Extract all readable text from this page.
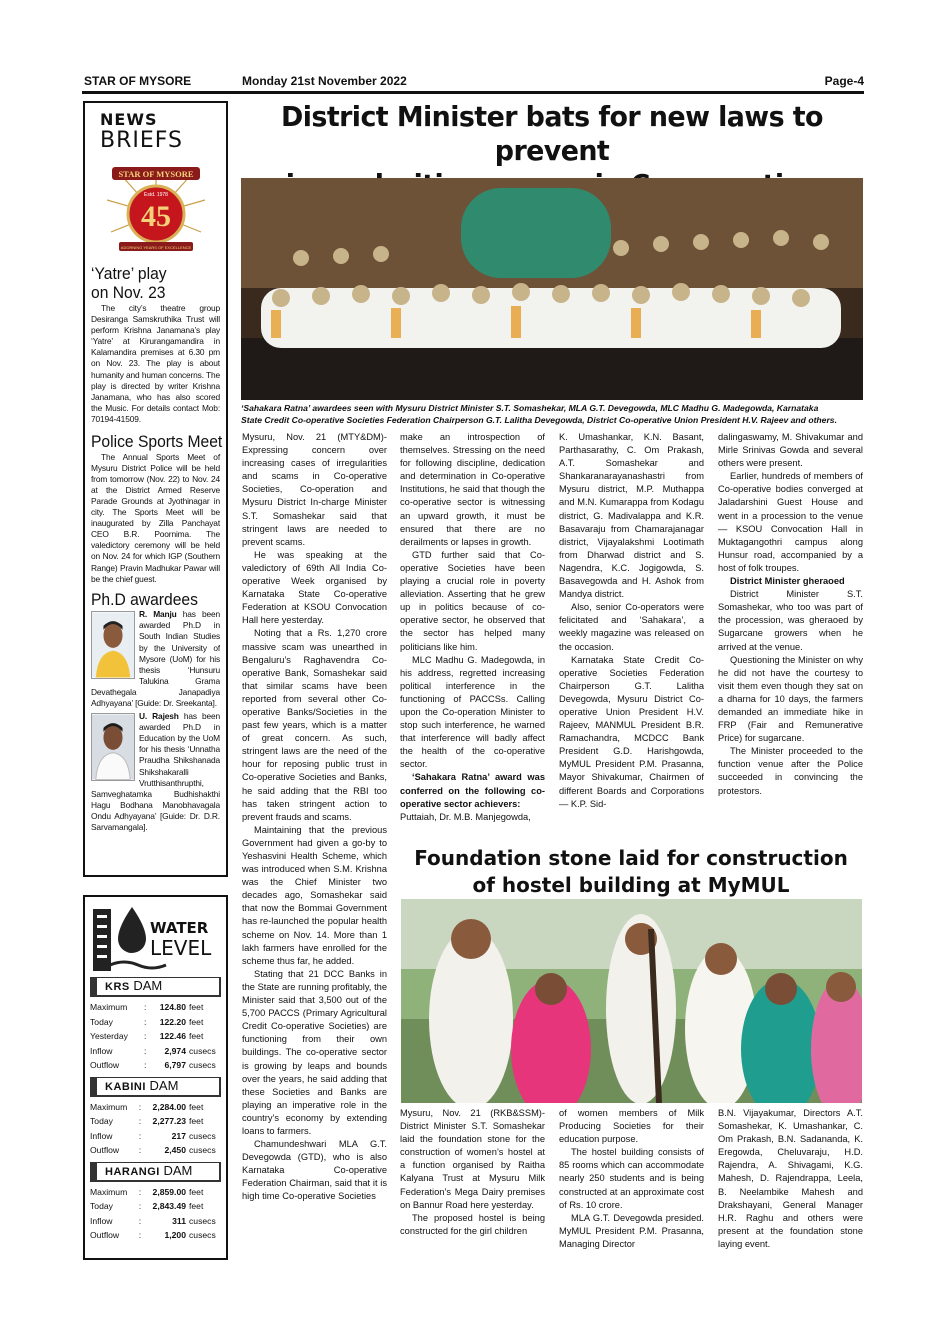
STAR OF MYSORE	Monday 21st November 2022	Page-4
NEWS
BRIEFS
STAR OF MYSORE
Estd. 1978
45
ADORNING YEARS OF EXCELLENCE
‘Yatre’ play
on Nov. 23

The city’s theatre group Desiranga Samskruthika Trust will perform Krishna Janamana’s play ‘Yatre’ at Kirurangamandira in Kalamandira premises at 6.30 pm on Nov. 23. The play is about humanity and human concerns. The play is directed by writer Krishna Janamana, who has also scored the Music. For details contact Mob: 70194-41509.

Police Sports Meet

The Annual Sports Meet of Mysuru District Police will be held from tomorrow (Nov. 22) to Nov. 24 at the District Armed Reserve Parade Grounds at Jyothinagar in city. The Sports Meet will be inaugurated by Zilla Panchayat CEO B.R. Poornima. The valedictory ceremony will be held on Nov. 24 for which IGP (Southern Range) Pravin Madhukar Pawar will be the chief guest.

Ph.D awardees

R. Manju has been awarded Ph.D in South Indian Studies by the University of Mysore (UoM) for his thesis ‘Hunsuru Talukina Grama Devathegala Janapadiya Adhyayana’ [Guide: Dr. Sreekanta].

U. Rajesh has been awarded Ph.D in Education by the UoM for his thesis ‘Unnatha Praudha Shikshanada Shikshakaralli Vrutthisanthrupthi, Samveghatamka Budhishakthi Hagu Bodhana Manobhavagala Ondu Adhyayana’ [Guide: Dr. D.R. Sarvamangala].

WATER
LEVEL
KRS DAM
Maximum	:	124.80	feet
Today	:	122.20	feet
Yesterday	:	122.46	feet
Inflow	:	2,974	cusecs
Outflow	:	6,797	cusecs
KABINI DAM
Maximum	:	2,284.00	feet
Today	:	2,277.23	feet
Inflow	:	217	cusecs
Outflow	:	2,450	cusecs
HARANGI DAM
Maximum	:	2,859.00	feet
Today	:	2,843.49	feet
Inflow	:	311	cusecs
Outflow	:	1,200	cusecs
District Minister bats for new laws to prevent
‘Sahakara Ratna’ awardees seen with Mysuru District Minister S.T. Somashekar, MLA G.T. Devegowda, MLC Madhu G. Madegowda, Karnataka
State Credit Co-operative Societies Federation Chairperson G.T. Lalitha Devegowda, District Co-operative Union President H.V. Rajeev and others.

Mysuru, Nov. 21 (MTY&DM)- Expressing concern over increasing cases of irregularities and scams in Co-operative Societies, Co-operation and Mysuru District In-charge Minister S.T. Somashekar said that stringent laws are needed to prevent scams.

He was speaking at the valedictory of 69th All India Co-operative Week organised by Karnataka State Co-operative Federation at KSOU Convocation Hall here yesterday.

Noting that a Rs. 1,270 crore massive scam was unearthed in Bengaluru’s Raghavendra Co-operative Bank, Somashekar said that similar scams have been reported from several other Co-operative Banks/Societies in the past few years, which is a matter of great concern. As such, stringent laws are the need of the hour for reposing public trust in Co-operative Societies and Banks, he said adding that the RBI too has taken stringent action to prevent frauds and scams.

Maintaining that the previous Government had given a go-by to Yeshasvini Health Scheme, which was introduced when S.M. Krishna was the Chief Minister two decades ago, Somashekar said that now the Bommai Government has re-launched the popular health scheme on Nov. 14. More than 1 lakh farmers have enrolled for the scheme thus far, he added.

Stating that 21 DCC Banks in the State are running profitably, the Minister said that 3,500 out of the 5,700 PACCS (Primary Agricultural Credit Co-operative Societies) are functioning from their own buildings. The co-operative sector is growing by leaps and bounds over the years, he said adding that these Societies and Banks are playing an imperative role in the country’s economy by extending loans to farmers.

Chamundeshwari MLA G.T. Devegowda (GTD), who is also Karnataka Co-operative Federation Chairman, said that it is high time Co-operative Societies

make an introspection of themselves. Stressing on the need for following discipline, dedication and determination in Co-operative Institutions, he said that though the co-operative sector is witnessing an upward growth, it must be ensured that there are no derailments or lapses in growth.

GTD further said that Co-operative Societies have been playing a crucial role in poverty alleviation. Asserting that he grew up in politics because of co-operative sector, he observed that the sector has helped many politicians like him.

MLC Madhu G. Madegowda, in his address, regretted increasing political interference in the functioning of PACCSs. Calling upon the Co-operation Minister to stop such interference, he warned that interference will badly affect the health of the co-operative sector.

‘Sahakara Ratna’ award was conferred on the following co-operative sector achievers:

Puttaiah, Dr. M.B. Manjegowda,

K. Umashankar, K.N. Basant, Parthasarathy, C. Om Prakash, A.T. Somashekar and Shankaranarayanashastri from Mysuru district, M.P. Muthappa and M.N. Kumarappa from Kodagu district, G. Madivalappa and K.R. Basavaraju from Chamarajanagar district, Vijayalakshmi Lootimath from Dharwad district and S. Nagendra, K.C. Jogigowda, S. Basavegowda and H. Ashok from Mandya district.

Also, senior Co-operators were felicitated and ‘Sahakara’, a weekly magazine was released on the occasion.

Karnataka State Credit Co-operative Societies Federation Chairperson G.T. Lalitha Devegowda, Mysuru District Co-operative Union President H.V. Rajeev, MANMUL President B.R. Ramachandra, MCDCC Bank President G.D. Harishgowda, MyMUL President P.M. Prasanna, Mayor Shivakumar, Chairmen of different Boards and Corporations — K.P. Sid-

dalingaswamy, M. Shivakumar and Mirle Srinivas Gowda and several others were present.

Earlier, hundreds of members of Co-operative bodies converged at Jaladarshini Guest House and went in a procession to the venue — KSOU Convocation Hall in Muktagangothri campus along Hunsur road, accompanied by a host of folk troupes.

District Minister gheraoed

District Minister S.T. Somashekar, who too was part of the procession, was gheraoed by Sugarcane growers when he arrived at the venue.

Questioning the Minister on why he did not have the courtesy to visit them even though they sat on a dharna for 10 days, the farmers demanded an immediate hike in FRP (Fair and Remunerative Price) for sugarcane.

The Minister proceeded to the function venue after the Police succeeded in convincing the protestors.

Foundation stone laid for construction
of hostel building at MyMUL

Mysuru, Nov. 21 (RKB&SSM)- District Minister S.T. Somashekar laid the foundation stone for the construction of women’s hostel at a function organised by Raitha Kalyana Trust at Mysuru Milk Federation’s Mega Dairy premises on Bannur Road here yesterday.

The proposed hostel is being constructed for the girl children

of women members of Milk Producing Societies for their education purpose.

The hostel building consists of 85 rooms which can accommodate nearly 250 students and is being constructed at an approximate cost of Rs. 10 crore.

MLA G.T. Devegowda presided. MyMUL President P.M. Prasanna, Managing Director

B.N. Vijayakumar, Directors A.T. Somashekar, K. Umashankar, C. Om Prakash, B.N. Sadananda, K. Eregowda, Cheluvaraju, H.D. Rajendra, A. Shivagami, K.G. Mahesh, D. Rajendrappa, Leela, B. Neelambike Mahesh and Drakshayani, General Manager H.R. Raghu and others were present at the foundation stone laying event.
